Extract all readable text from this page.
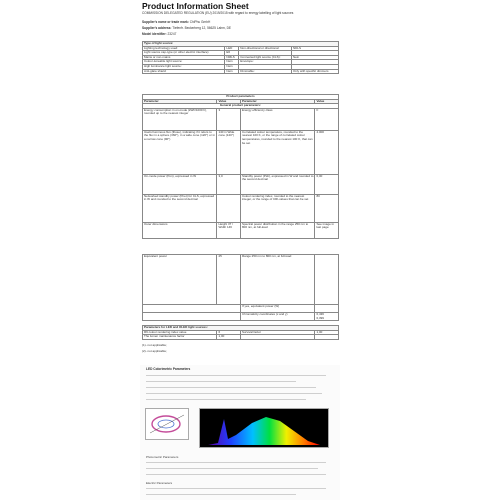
Product Information Sheet
COMMISSION DELEGATED REGULATION (EU) 2019/2015 with regard to energy labelling of light sources
Supplier's name or trade mark: ChiPhu GmbH
Supplier's address: Tiefenfr. Beckerberg 12, 56625 Lahm, DE
Model identifier: 23247
Type of light source:			
Lighting technology used:	LED	Non-directional or directional:	NDLS
Light source cap-type (or other electric interface)	E6		
Mains or non-mains	NMLS	Connected light source (CLS):	Nein
Colour-tuneable light source:	Nein	Envelope:	
High luminance light source:	Nein		
Anti-glare shield:	Nein	Dimmable:	Only with specific dimmers
Product parameters			
Parameter	Value	Parameter	Value
General product parameters:			
Energy consumption in on-mode (kWh/1000 h), rounded up to the nearest integer	3	Energy efficiency class	F
Useful luminous flux (Φuse), indicating if it refers to the flux in a sphere (360°), in a wide cone (120°) or in a narrow cone (90°)	140 in Wide cone (120°)	Correlated colour temperature, rounded to the nearest 100 K, or the range of correlated colour temperatures, rounded to the nearest 100 K, that can be set	4.000
On-mode power (Pon), expressed in W	3,0	Standby power (Psb), expressed in W and rounded to the second decimal	0,00
Networked standby power (Pnet) for CLS, expressed in W and rounded to the second decimal		Colour rendering index, rounded to the nearest integer, or the range of CRI-values that can be set	80
Outer dimensions	Height 37 / Width 146	Spectral power distribution in the range 250 nm to 800 nm, at full-load	See image in last page
Equivalent power	25	Range 250 nm to 800 nm, at full-load	
		If yes, equivalent power (W)	
		Chromaticity coordinates (x and y)	0,436
0,399
Parameters for LED and OLED light sources:			
R9 colour rendering index value	6	Survival factor	1,00
The lumen maintenance factor	1,00		
(1)- not applicable;
(2)- not applicable;
LED Colorimetric Parameters
Photometric Parameters
Electric Parameters
